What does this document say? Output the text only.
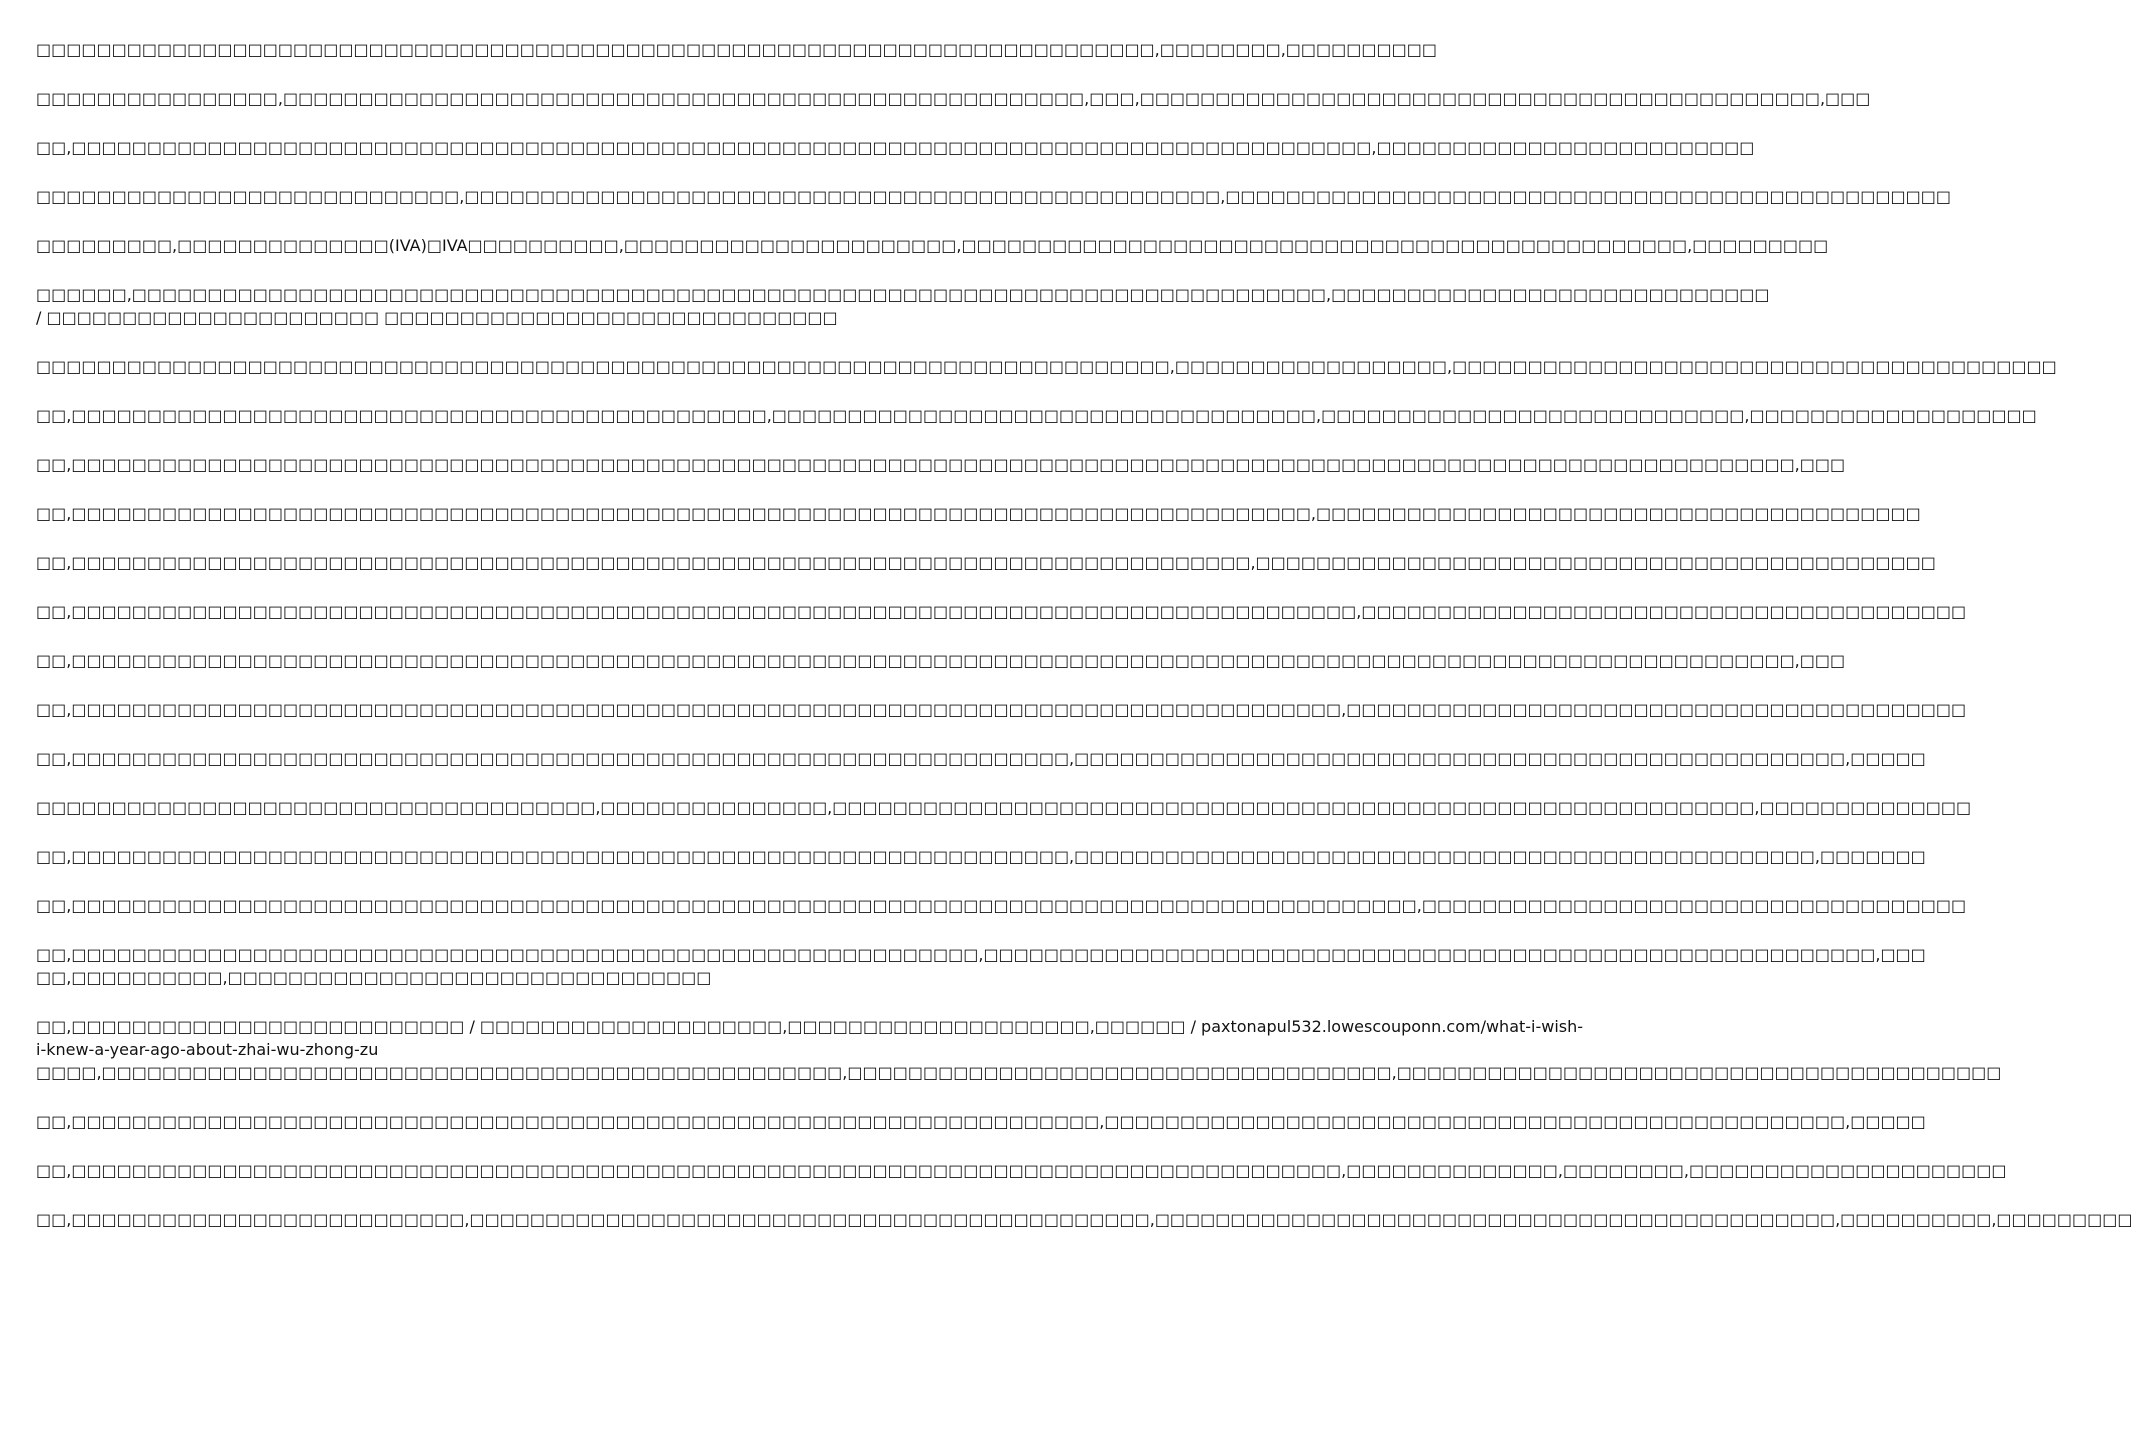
□□□□□□□□□□□□□□□□□□□□□□□□□□□□□□□□□□□□□□□□□□□□□□□□□□□□□□□□□□□□□□□□□□□□□□□□□□,□□□□□□□□,□□□□□□□□□□

□□□□□□□□□□□□□□□□,□□□□□□□□□□□□□□□□□□□□□□□□□□□□□□□□□□□□□□□□□□□□□□□□□□□□□,□□□,□□□□□□□□□□□□□□□□□□□□□□□□□□□□□□□□□□□□□□□□□□□□□,□□□

□□,□□□□□□□□□□□□□□□□□□□□□□□□□□□□□□□□□□□□□□□□□□□□□□□□□□□□□□□□□□□□□□□□□□□□□□□□□□□□□□□□□□□□□□,□□□□□□□□□□□□□□□□□□□□□□□□□

□□□□□□□□□□□□□□□□□□□□□□□□□□□□,□□□□□□□□□□□□□□□□□□□□□□□□□□□□□□□□□□□□□□□□□□□□□□□□□□,□□□□□□□□□□□□□□□□□□□□□□□□□□□□□□□□□□□□□□□□□□□□□□□□

□□□□□□□□□,□□□□□□□□□□□□□□(IVA)□IVA□□□□□□□□□□,□□□□□□□□□□□□□□□□□□□□□□,□□□□□□□□□□□□□□□□□□□□□□□□□□□□□□□□□□□□□□□□□□□□□□□□,□□□□□□□□□

□□□□□□,□□□□□□□□□□□□□□□□□□□□□□□□□□□□□□□□□□□□□□□□□□□□□□□□□□□□□□□□□□□□□□□□□□□□□□□□□□□□□□□,□□□□□□□□□□□□□□□□□□□□□□□□□□□□□
/ □□□□□□□□□□□□□□□□□□□□□□ □□□□□□□□□□□□□□□□□□□□□□□□□□□□□□

□□□□□□□□□□□□□□□□□□□□□□□□□□□□□□□□□□□□□□□□□□□□□□□□□□□□□□□□□□□□□□□□□□□□□□□□□□□,□□□□□□□□□□□□□□□□□□,□□□□□□□□□□□□□□□□□□□□□□□□□□□□□□□□□□□□□□□□

□□,□□□□□□□□□□□□□□□□□□□□□□□□□□□□□□□□□□□□□□□□□□□□□□,□□□□□□□□□□□□□□□□□□□□□□□□□□□□□□□□□□□□,□□□□□□□□□□□□□□□□□□□□□□□□□□□□,□□□□□□□□□□□□□□□□□□□

□□,□□□□□□□□□□□□□□□□□□□□□□□□□□□□□□□□□□□□□□□□□□□□□□□□□□□□□□□□□□□□□□□□□□□□□□□□□□□□□□□□□□□□□□□□□□□□□□□□□□□□□□□□□□□□□□□□□□,□□□

□□,□□□□□□□□□□□□□□□□□□□□□□□□□□□□□□□□□□□□□□□□□□□□□□□□□□□□□□□□□□□□□□□□□□□□□□□□□□□□□□□□□□,□□□□□□□□□□□□□□□□□□□□□□□□□□□□□□□□□□□□□□□□

□□,□□□□□□□□□□□□□□□□□□□□□□□□□□□□□□□□□□□□□□□□□□□□□□□□□□□□□□□□□□□□□□□□□□□□□□□□□□□□□□,□□□□□□□□□□□□□□□□□□□□□□□□□□□□□□□□□□□□□□□□□□□□□

□□,□□□□□□□□□□□□□□□□□□□□□□□□□□□□□□□□□□□□□□□□□□□□□□□□□□□□□□□□□□□□□□□□□□□□□□□□□□□□□□□□□□□□□,□□□□□□□□□□□□□□□□□□□□□□□□□□□□□□□□□□□□□□□□

□□,□□□□□□□□□□□□□□□□□□□□□□□□□□□□□□□□□□□□□□□□□□□□□□□□□□□□□□□□□□□□□□□□□□□□□□□□□□□□□□□□□□□□□□□□□□□□□□□□□□□□□□□□□□□□□□□□□□,□□□

□□,□□□□□□□□□□□□□□□□□□□□□□□□□□□□□□□□□□□□□□□□□□□□□□□□□□□□□□□□□□□□□□□□□□□□□□□□□□□□□□□□□□□□,□□□□□□□□□□□□□□□□□□□□□□□□□□□□□□□□□□□□□□□□□

□□,□□□□□□□□□□□□□□□□□□□□□□□□□□□□□□□□□□□□□□□□□□□□□□□□□□□□□□□□□□□□□□□□□□,□□□□□□□□□□□□□□□□□□□□□□□□□□□□□□□□□□□□□□□□□□□□□□□□□□□,□□□□□

□□□□□□□□□□□□□□□□□□□□□□□□□□□□□□□□□□□□□,□□□□□□□□□□□□□□□,□□□□□□□□□□□□□□□□□□□□□□□□□□□□□□□□□□□□□□□□□□□□□□□□□□□□□□□□□□□□□,□□□□□□□□□□□□□□

□□,□□□□□□□□□□□□□□□□□□□□□□□□□□□□□□□□□□□□□□□□□□□□□□□□□□□□□□□□□□□□□□□□□□,□□□□□□□□□□□□□□□□□□□□□□□□□□□□□□□□□□□□□□□□□□□□□□□□□,□□□□□□□

□□,□□□□□□□□□□□□□□□□□□□□□□□□□□□□□□□□□□□□□□□□□□□□□□□□□□□□□□□□□□□□□□□□□□□□□□□□□□□□□□□□□□□□□□□□□,□□□□□□□□□□□□□□□□□□□□□□□□□□□□□□□□□□□□

□□,□□□□□□□□□□□□□□□□□□□□□□□□□□□□□□□□□□□□□□□□□□□□□□□□□□□□□□□□□□□□,□□□□□□□□□□□□□□□□□□□□□□□□□□□□□□□□□□□□□□□□□□□□□□□□□□□□□□□□□□□,□□□
□□,□□□□□□□□□□,□□□□□□□□□□□□□□□□□□□□□□□□□□□□□□□□

□□,□□□□□□□□□□□□□□□□□□□□□□□□□□ / □□□□□□□□□□□□□□□□□□□□,□□□□□□□□□□□□□□□□□□□□,□□□□□□ / paxtonapul532.lowescouponn.com/what-i-wish-
i-knew-a-year-ago-about-zhai-wu-zhong-zu

□□□□,□□□□□□□□□□□□□□□□□□□□□□□□□□□□□□□□□□□□□□□□□□□□□□□□□,□□□□□□□□□□□□□□□□□□□□□□□□□□□□□□□□□□□□,□□□□□□□□□□□□□□□□□□□□□□□□□□□□□□□□□□□□□□□□

□□,□□□□□□□□□□□□□□□□□□□□□□□□□□□□□□□□□□□□□□□□□□□□□□□□□□□□□□□□□□□□□□□□□□□□,□□□□□□□□□□□□□□□□□□□□□□□□□□□□□□□□□□□□□□□□□□□□□□□□□,□□□□□

□□,□□□□□□□□□□□□□□□□□□□□□□□□□□□□□□□□□□□□□□□□□□□□□□□□□□□□□□□□□□□□□□□□□□□□□□□□□□□□□□□□□□□□,□□□□□□□□□□□□□□,□□□□□□□□,□□□□□□□□□□□□□□□□□□□□□

□□,□□□□□□□□□□□□□□□□□□□□□□□□□□,□□□□□□□□□□□□□□□□□□□□□□□□□□□□□□□□□□□□□□□□□□□□□,□□□□□□□□□□□□□□□□□□□□□□□□□□□□□□□□□□□□□□□□□□□□□,□□□□□□□□□□,□□□□□□□□□
